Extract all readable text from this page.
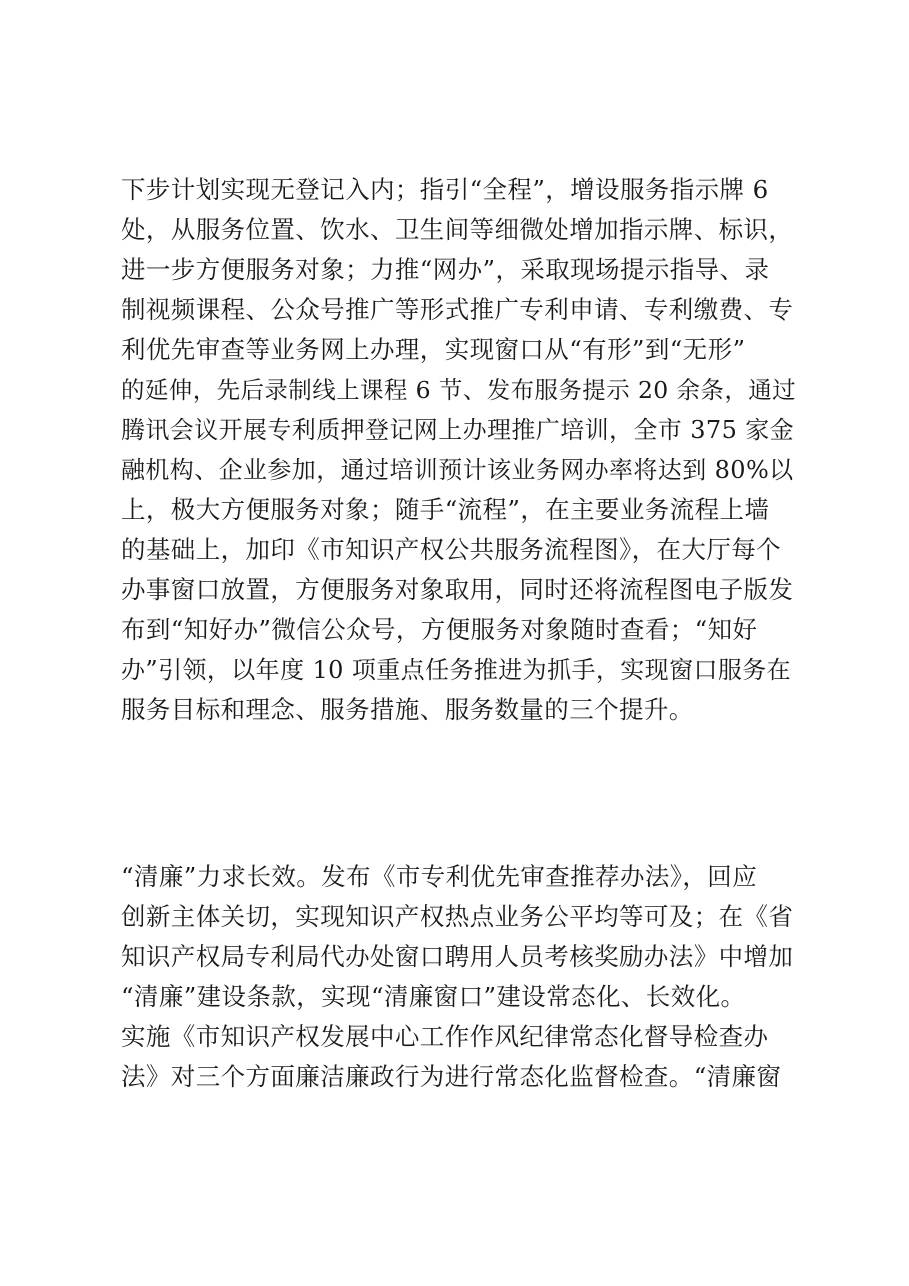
下步计划实现无登记入内；指引“全程”，增设服务指示牌 6
处，从服务位置、饮水、卫生间等细微处增加指示牌、标识，
进一步方便服务对象；力推“网办”，采取现场提示指导、录
制视频课程、公众号推广等形式推广专利申请、专利缴费、专
利优先审查等业务网上办理，实现窗口从“有形”到“无形”
的延伸，先后录制线上课程 6 节、发布服务提示 20 余条，通过
腾讯会议开展专利质押登记网上办理推广培训，全市 375 家金
融机构、企业参加，通过培训预计该业务网办率将达到 80%以
上，极大方便服务对象；随手“流程”，在主要业务流程上墙
的基础上，加印《市知识产权公共服务流程图》，在大厅每个
办事窗口放置，方便服务对象取用，同时还将流程图电子版发
布到“知好办”微信公众号，方便服务对象随时查看；“知好
办”引领，以年度 10 项重点任务推进为抓手，实现窗口服务在
服务目标和理念、服务措施、服务数量的三个提升。
“清廉”力求长效。发布《市专利优先审查推荐办法》，回应
创新主体关切，实现知识产权热点业务公平均等可及；在《省
知识产权局专利局代办处窗口聘用人员考核奖励办法》中增加
“清廉”建设条款，实现“清廉窗口”建设常态化、长效化。
实施《市知识产权发展中心工作作风纪律常态化督导检查办
法》对三个方面廉洁廉政行为进行常态化监督检查。“清廉窗
